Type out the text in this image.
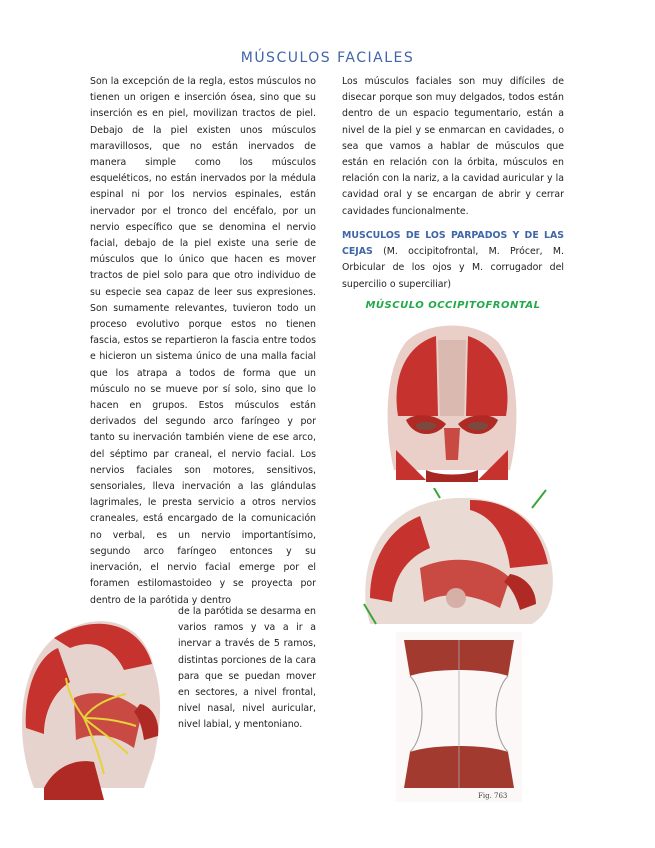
MÚSCULOS FACIALES
Son la excepción de la regla, estos músculos no tienen un origen e inserción ósea, sino que su inserción es en piel, movilizan tractos de piel. Debajo de la piel existen unos músculos maravillosos, que no están inervados de manera simple como los músculos esqueléticos, no están inervados por la médula espinal ni por los nervios espinales, están inervador por el tronco del encéfalo, por un nervio específico que se denomina el nervio facial, debajo de la piel existe una serie de músculos que lo único que hacen es mover tractos de piel solo para que otro individuo de su especie sea capaz de leer sus expresiones. Son sumamente relevantes, tuvieron todo un proceso evolutivo porque estos no tienen fascia, estos se repartieron la fascia entre todos e hicieron un sistema único de una malla facial que los atrapa a todos de forma que un músculo no se mueve por sí solo, sino que lo hacen en grupos. Estos músculos están derivados del segundo arco faríngeo y por tanto su inervación también viene de ese arco, del séptimo par craneal, el nervio facial. Los nervios faciales son motores, sensitivos, sensoriales, lleva inervación a las glándulas lagrimales, le presta servicio a otros nervios craneales, está encargado de la comunicación no verbal, es un nervio importantísimo, segundo arco faríngeo entonces y su inervación, el nervio facial emerge por el foramen estilomastoideo y se proyecta por dentro de la parótida y dentro
de la parótida se desarma en varios ramos y va a ir a inervar a través de 5 ramos, distintas porciones de la cara para que se puedan mover en sectores, a nivel frontal, nivel nasal, nivel auricular, nivel labial, y mentoniano.
Los músculos faciales son muy difíciles de disecar porque son muy delgados, todos están dentro de un espacio tegumentario, están a nivel de la piel y se enmarcan en cavidades, o sea que vamos a hablar de músculos que están en relación con la órbita, músculos en relación con la nariz, a la cavidad auricular y la cavidad oral y se encargan de abrir y cerrar cavidades funcionalmente.
MUSCULOS DE LOS PARPADOS Y DE LAS CEJAS (M. occipitofrontal, M. Prócer, M. Orbicular de los ojos y M. corrugador del supercilio o superciliar)
MÚSCULO OCCIPITOFRONTAL
Fig. 763
